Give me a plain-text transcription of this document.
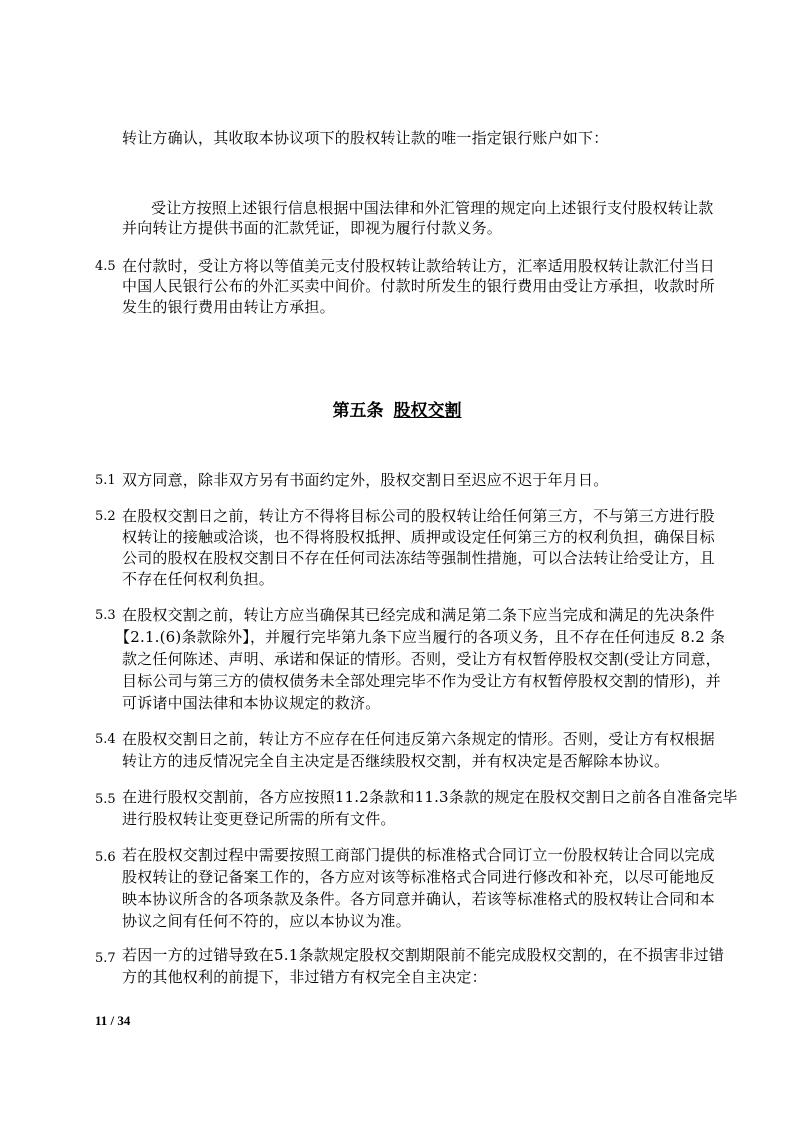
转让方确认，其收取本协议项下的股权转让款的唯一指定银行账户如下：
受让方按照上述银行信息根据中国法律和外汇管理的规定向上述银行支付股权转让款
并向转让方提供书面的汇款凭证，即视为履行付款义务。
4.5 在付款时，受让方将以等值美元支付股权转让款给转让方，汇率适用股权转让款汇付当日
中国人民银行公布的外汇买卖中间价。付款时所发生的银行费用由受让方承担，收款时所
发生的银行费用由转让方承担。
第五条 股权交割
5.1 双方同意，除非双方另有书面约定外，股权交割日至迟应不迟于年月日。
5.2 在股权交割日之前，转让方不得将目标公司的股权转让给任何第三方，不与第三方进行股
权转让的接触或洽谈，也不得将股权抵押、质押或设定任何第三方的权利负担，确保目标
公司的股权在股权交割日不存在任何司法冻结等强制性措施，可以合法转让给受让方，且
不存在任何权利负担。
5.3 在股权交割之前，转让方应当确保其已经完成和满足第二条下应当完成和满足的先决条件
【2.1.(6)条款除外】，并履行完毕第九条下应当履行的各项义务，且不存在任何违反 8.2 条
款之任何陈述、声明、承诺和保证的情形。否则，受让方有权暂停股权交割(受让方同意，
目标公司与第三方的债权债务未全部处理完毕不作为受让方有权暂停股权交割的情形)，并
可诉诸中国法律和本协议规定的救济。
5.4 在股权交割日之前，转让方不应存在任何违反第六条规定的情形。否则，受让方有权根据
转让方的违反情况完全自主决定是否继续股权交割，并有权决定是否解除本协议。
5.5 在进行股权交割前，各方应按照11.2条款和11.3条款的规定在股权交割日之前各自准备完毕
进行股权转让变更登记所需的所有文件。
5.6 若在股权交割过程中需要按照工商部门提供的标准格式合同订立一份股权转让合同以完成
股权转让的登记备案工作的，各方应对该等标准格式合同进行修改和补充，以尽可能地反
映本协议所含的各项条款及条件。各方同意并确认，若该等标准格式的股权转让合同和本
协议之间有任何不符的，应以本协议为准。
5.7 若因一方的过错导致在5.1条款规定股权交割期限前不能完成股权交割的，在不损害非过错
方的其他权利的前提下，非过错方有权完全自主决定：
11 / 34
